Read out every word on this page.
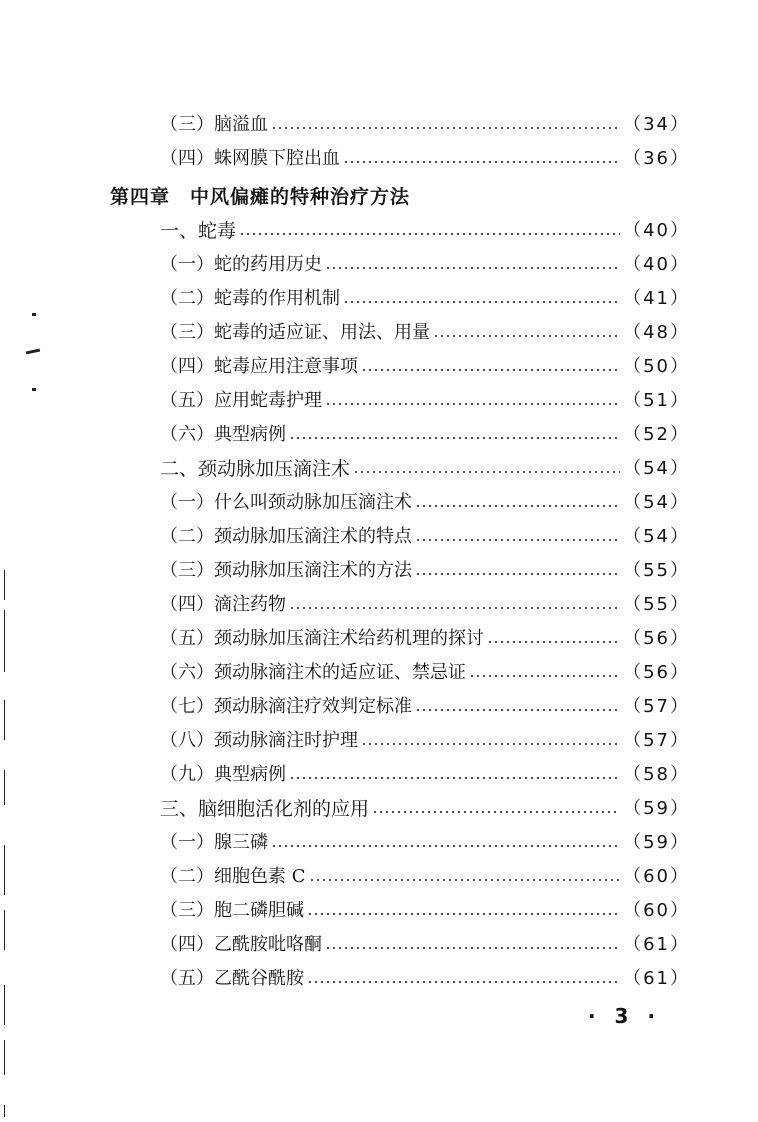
（三）脑溢血	（34）
（四）蛛网膜下腔出血	（36）
第四章　中风偏瘫的特种治疗方法
一、蛇毒	（40）
（一）蛇的药用历史	（40）
（二）蛇毒的作用机制	（41）
（三）蛇毒的适应证、用法、用量	（48）
（四）蛇毒应用注意事项	（50）
（五）应用蛇毒护理	（51）
（六）典型病例	（52）
二、颈动脉加压滴注术	（54）
（一）什么叫颈动脉加压滴注术	（54）
（二）颈动脉加压滴注术的特点	（54）
（三）颈动脉加压滴注术的方法	（55）
（四）滴注药物	（55）
（五）颈动脉加压滴注术给药机理的探讨	（56）
（六）颈动脉滴注术的适应证、禁忌证	（56）
（七）颈动脉滴注疗效判定标准	（57）
（八）颈动脉滴注时护理	（57）
（九）典型病例	（58）
三、脑细胞活化剂的应用	（59）
（一）腺三磷	（59）
（二）细胞色素 C	（60）
（三）胞二磷胆碱	（60）
（四）乙酰胺吡咯酮	（61）
（五）乙酰谷酰胺	（61）
· 3 ·
